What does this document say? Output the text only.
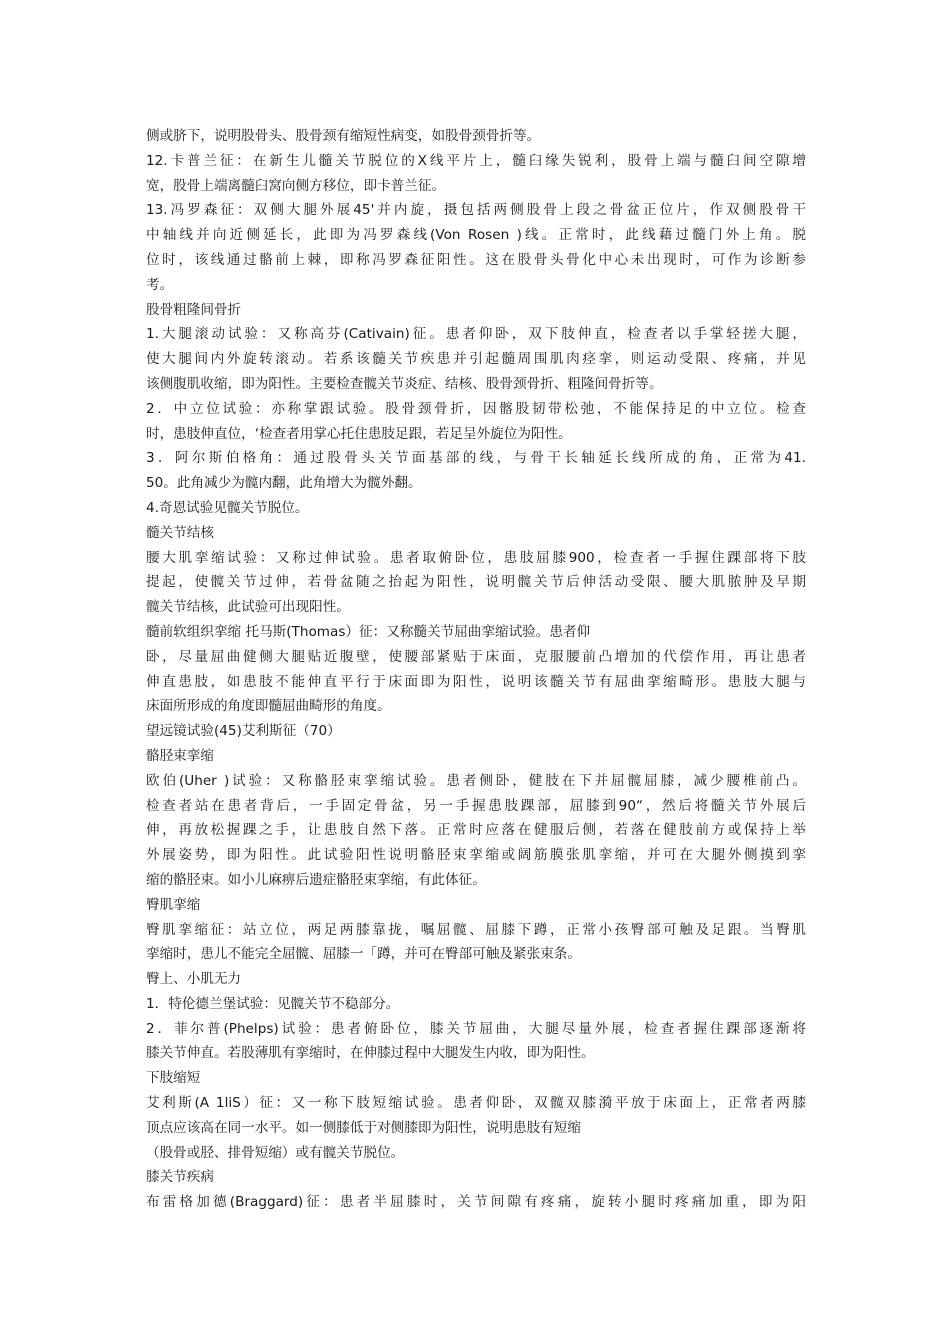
侧或脐下，说明股骨头、股骨颈有缩短性病变，如股骨颈骨折等。
12.卡普兰征：在新生儿髓关节脱位的X线平片上，髓臼缘失锐利，股骨上端与髓臼间空隙增
宽，股骨上端离髓臼窝向侧方移位，即卡普兰征。
13.冯罗森征：双侧大腿外展45'并内旋，摄包括两侧股骨上段之骨盆正位片，作双侧股骨干
中轴线并向近侧延长，此即为冯罗森线(Von Rosen )线。正常时，此线藉过髓门外上角。脱
位时，该线通过骼前上棘，即称冯罗森征阳性。这在股骨头骨化中心未出现时，可作为诊断参
考。
股骨粗隆间骨折
1.大腿滚动试验：又称高芬(Cativain)征。患者仰卧，双下肢伸直，检查者以手掌轻搓大腿，
使大腿间内外旋转滚动。若系该髓关节疾患并引起髓周围肌肉痉挛，则运动受限、疼痛，并见
该侧腹肌收缩，即为阳性。主要检查髋关节炎症、结核、股骨颈骨折、粗隆间骨折等。
2．中立位试验：亦称掌跟试验。股骨颈骨折，因髂股韧带松弛，不能保持足的中立位。检查
时，患肢伸直位，‘检查者用掌心托住患肢足跟，若足呈外旋位为阳性。
3．阿尔斯伯格角：通过股骨头关节面基部的线，与骨干长轴延长线所成的角，正常为41.
50。此角减少为髋内翻，此角增大为髋外翻。
4.奇恩试验见髋关节脱位。
髓关节结核
腰大肌挛缩试验：又称过伸试验。患者取俯卧位，患肢屈膝900，检查者一手握住踝部将下肢
提起，使髋关节过伸，若骨盆随之抬起为阳性，说明髋关节后伸活动受限、腰大肌脓肿及早期
髋关节结核，此试验可出现阳性。
髓前软组织挛缩 托马斯(Thomas）征：又称髓关节屈曲挛缩试验。患者仰
卧，尽量屈曲健侧大腿贴近腹壁，使腰部紧贴于床面，克服腰前凸增加的代偿作用，再让患者
伸直患肢，如患肢不能伸直平行于床面即为阳性，说明该髓关节有屈曲挛缩畸形。患肢大腿与
床面所形成的角度即髓屈曲畸形的角度。
望远镜试验(45)艾利斯征（70）
骼胫束挛缩
欧伯(Uher )试验：又称骼胫束挛缩试验。患者侧卧，健肢在下并屈髋屈膝，减少腰椎前凸。
检查者站在患者背后，一手固定骨盆，另一手握患肢踝部，屈膝到90“，然后将髓关节外展后
伸，再放松握踝之手，让患肢自然下落。正常时应落在健服后侧，若落在健肢前方或保持上举
外展姿势，即为阳性。此试验阳性说明骼胫束挛缩或阔筋膜张肌挛缩，并可在大腿外侧摸到挛
缩的骼胫束。如小儿麻痹后遗症骼胫束挛缩，有此体征。
臀肌挛缩
臀肌挛缩征：站立位，两足两膝靠拢，嘱屈髋、屈膝下蹲，正常小孩臀部可触及足跟。当臀肌
挛缩时，患儿不能完全屈髋、屈膝一「蹲，并可在臀部可触及紧张束条。
臀上、小肌无力
1．特伦德兰堡试验：见髋关节不稳部分。
2．菲尔普(Phelps)试验：患者俯卧位，膝关节屈曲，大腿尽量外展，检查者握住踝部逐渐将
膝关节伸直。若股薄肌有挛缩时，在伸膝过程中大腿发生内收，即为阳性。
下肢缩短
艾利斯(A 1liS）征：又一称下肢短缩试验。患者仰卧，双髋双膝漪平放于床面上，正常者两膝
顶点应该高在同一水平。如一侧膝低于对侧膝即为阳性，说明患肢有短缩
（股骨或胫、排骨短缩）或有髋关节脱位。
膝关节疾病
布雷格加德(Braggard)征：患者半屈膝时，关节间隙有疼痛，旋转小腿时疼痛加重，即为阳
